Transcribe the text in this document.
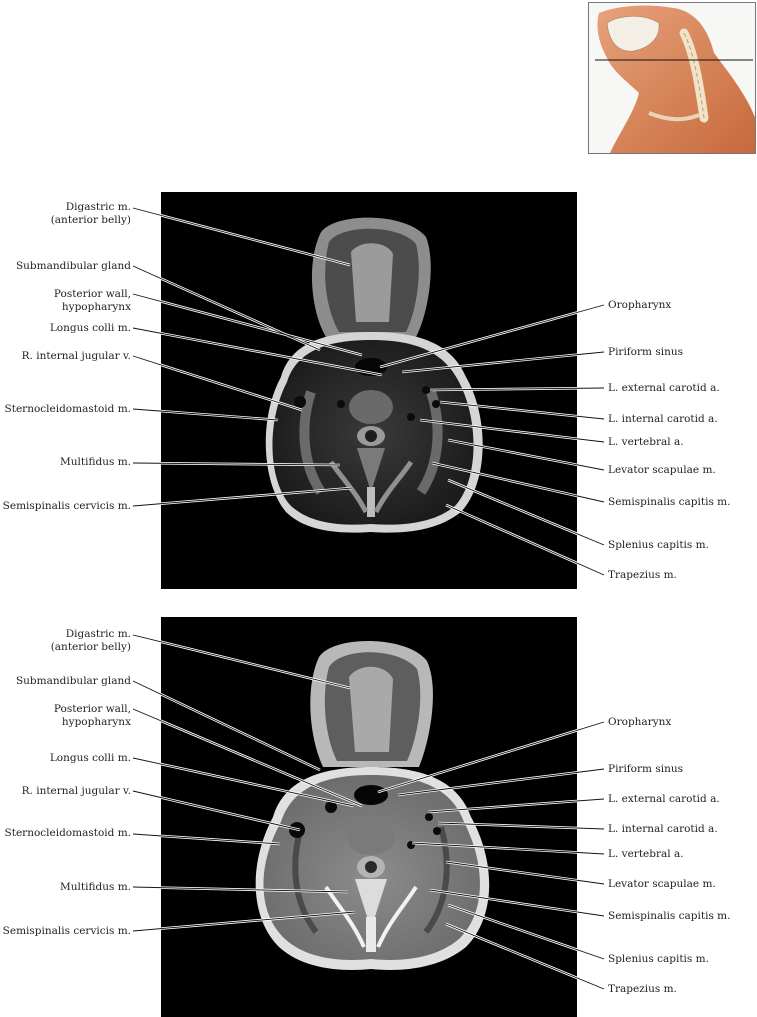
Digastric m.
(anterior belly)
Submandibular gland
Posterior wall,
hypopharynx
Longus colli m.
R. internal jugular v.
Sternocleidomastoid m.
Multifidus m.
Semispinalis cervicis m.
Oropharynx
Piriform sinus
L. external carotid a.
L. internal carotid a.
L. vertebral a.
Levator scapulae m.
Semispinalis capitis m.
Splenius capitis m.
Trapezius m.
Digastric m.
(anterior belly)
Submandibular gland
Posterior wall,
hypopharynx
Longus colli m.
R. internal jugular v.
Sternocleidomastoid m.
Multifidus m.
Semispinalis cervicis m.
Oropharynx
Piriform sinus
L. external carotid a.
L. internal carotid a.
L. vertebral a.
Levator scapulae m.
Semispinalis capitis m.
Splenius capitis m.
Trapezius m.
